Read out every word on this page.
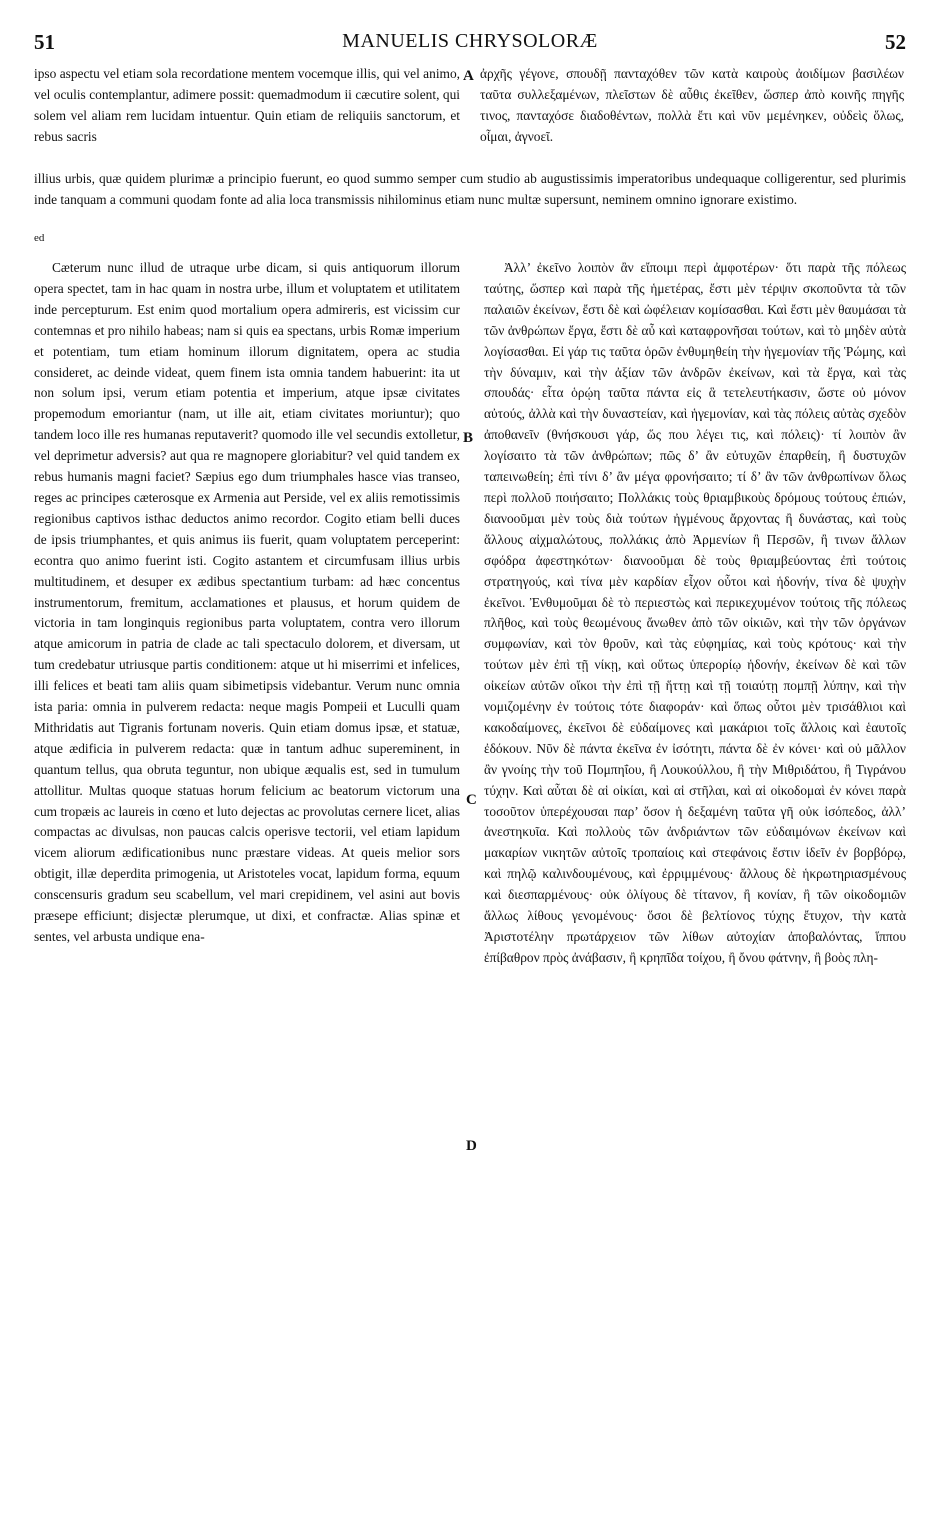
51	MANUELIS CHRYSOLORÆ	52

ipso aspectu vel etiam sola recordatione mentem vocemque illis, qui vel animo, vel oculis contemplantur, adimere possit: quemadmodum ii cæcutire solent, qui solem vel aliam rem lucidam intuentur. Quin etiam de reliquiis sanctorum, et rebus sacris

ἀρχῆς γέγονε, σπουδῇ πανταχόθεν τῶν κατὰ καιροὺς ἀοιδίμων βασιλέων ταῦτα συλλεξαμένων, πλεῖστων δὲ αὖθις ἐκεῖθεν, ὥσπερ ἀπὸ κοινῆς πηγῆς τινος, πανταχόσε διαδοθέντων, πολλὰ ἔτι καὶ νῦν μεμένηκεν, οὐδεὶς ὅλως, οἶμαι, ἀγνοεῖ.

illius urbis, quæ quidem plurimæ a principio fuerunt, eo quod summo semper cum studio ab augustissimis imperatoribus undequaque colligerentur, sed plurimis inde tanquam a communi quodam fonte ad alia loca transmissis nihilominus etiam nunc multæ supersunt, neminem omnino ignorare existimo.

ed

Cæterum nunc illud de utraque urbe dicam, si quis antiquorum illorum opera spectet, tam in hac quam in nostra urbe, illum et voluptatem et utilitatem inde percepturum. Est enim quod mortalium opera admireris, est vicissim cur contemnas et pro nihilo habeas; nam si quis ea spectans, urbis Romæ imperium et potentiam, tum etiam hominum illorum dignitatem, opera ac studia consideret, ac deinde videat, quem finem ista omnia tandem habuerint: ita ut non solum ipsi, verum etiam potentia et imperium, atque ipsæ civitates propemodum emoriantur (nam, ut ille ait, etiam civitates moriuntur); quo tandem loco ille res humanas reputaverit? quomodo ille vel secundis extolletur, vel deprimetur adversis? aut qua re magnopere gloriabitur? vel quid tandem ex rebus humanis magni faciet? Sæpius ego dum triumphales hasce vias transeo, reges ac principes cæterosque ex Armenia aut Perside, vel ex aliis remotissimis regionibus captivos isthac deductos animo recordor. Cogito etiam belli duces de ipsis triumphantes, et quis animus iis fuerit, quam voluptatem perceperint: econtra quo animo fuerint isti. Cogito astantem et circumfusam illius urbis multitudinem, et desuper ex ædibus spectantium turbam: ad hæc concentus instrumentorum, fremitum, acclamationes et plausus, et horum quidem de victoria in tam longinquis regionibus parta voluptatem, contra vero illorum atque amicorum in patria de clade ac tali spectaculo dolorem, et diversam, ut tum credebatur utriusque partis conditionem: atque ut hi miserrimi et infelices, illi felices et beati tam aliis quam sibimetipsis videbantur. Verum nunc omnia ista paria: omnia in pulverem redacta: neque magis Pompeii et Luculli quam Mithridatis aut Tigranis fortunam noveris. Quin etiam domus ipsæ, et statuæ, atque ædificia in pulverem redacta: quæ in tantum adhuc supereminent, in quantum tellus, qua obruta teguntur, non ubique æqualis est, sed in tumulum attollitur. Multas quoque statuas horum felicium ac beatorum victorum una cum tropæis ac laureis in cœno et luto dejectas ac provolutas cernere licet, alias compactas ac divulsas, non paucas calcis operisve tectorii, vel etiam lapidum vicem aliorum ædificationibus nunc præstare videas. At queis melior sors obtigit, illæ deperdita primogenia, ut Aristoteles vocat, lapidum forma, equum conscensuris gradum seu scabellum, vel mari crepidinem, vel asini aut bovis præsepe efficiunt; disjectæ plerumque, ut dixi, et confractæ. Alias spinæ et sentes, vel arbusta undique ena-

Ἀλλ’ ἐκεῖνο λοιπὸν ἂν εἴποιμι περὶ ἀμφοτέρων· ὅτι παρὰ τῆς πόλεως ταύτης, ὥσπερ καὶ παρὰ τῆς ἡμετέρας, ἔστι μὲν τέρψιν σκοποῦντα τὰ τῶν παλαιῶν ἐκείνων, ἔστι δὲ καὶ ὠφέλειαν κομίσασθαι. Καὶ ἔστι μὲν θαυμάσαι τὰ τῶν ἀνθρώπων ἔργα, ἔστι δὲ αὖ καὶ καταφρονῆσαι τούτων, καὶ τὸ μηδὲν αὐτὰ λογίσασθαι. Εἰ γάρ τις ταῦτα ὁρῶν ἐνθυμηθείη τὴν ἡγεμονίαν τῆς Ῥώμης, καὶ τὴν δύναμιν, καὶ τὴν ἀξίαν τῶν ἀνδρῶν ἐκείνων, καὶ τὰ ἔργα, καὶ τὰς σπουδάς· εἶτα ὁρῴη ταῦτα πάντα εἰς ἃ τετελευτήκασιν, ὥστε οὐ μόνον αὐτούς, ἀλλὰ καὶ τὴν δυναστείαν, καὶ ἡγεμονίαν, καὶ τὰς πόλεις αὐτὰς σχεδὸν ἀποθανεῖν (θνήσκουσι γάρ, ὥς που λέγει τις, καὶ πόλεις)· τί λοιπὸν ἂν λογίσαιτο τὰ τῶν ἀνθρώπων; πῶς δ’ ἂν εὐτυχῶν ἐπαρθείη, ἢ δυστυχῶν ταπεινωθείη; ἐπὶ τίνι δ’ ἂν μέγα φρονήσαιτο; τί δ’ ἂν τῶν ἀνθρωπίνων ὅλως περὶ πολλοῦ ποιήσαιτο; Πολλάκις τοὺς θριαμβικοὺς δρόμους τούτους ἐπιών, διανοοῦμαι μὲν τοὺς διὰ τούτων ἠγμένους ἄρχοντας ἢ δυνάστας, καὶ τοὺς ἄλλους αἰχμαλώτους, πολλάκις ἀπὸ Ἀρμενίων ἢ Περσῶν, ἢ τινων ἄλλων σφόδρα ἀφεστηκότων· διανοοῦμαι δὲ τοὺς θριαμβεύοντας ἐπὶ τούτοις στρατηγούς, καὶ τίνα μὲν καρδίαν εἶχον οὗτοι καὶ ἡδονήν, τίνα δὲ ψυχὴν ἐκεῖνοι. Ἐνθυμοῦμαι δὲ τὸ περιεστὼς καὶ περικεχυμένον τούτοις τῆς πόλεως πλῆθος, καὶ τοὺς θεωμένους ἄνωθεν ἀπὸ τῶν οἰκιῶν, καὶ τὴν τῶν ὀργάνων συμφωνίαν, καὶ τὸν θροῦν, καὶ τὰς εὐφημίας, καὶ τοὺς κρότους· καὶ τὴν τούτων μὲν ἐπὶ τῇ νίκῃ, καὶ οὕτως ὑπερορίῳ ἡδονήν, ἐκείνων δὲ καὶ τῶν οἰκείων αὐτῶν οἴκοι τὴν ἐπὶ τῇ ἥττῃ καὶ τῇ τοιαύτῃ πομπῇ λύπην, καὶ τὴν νομιζομένην ἐν τούτοις τότε διαφοράν· καὶ ὅπως οὗτοι μὲν τρισάθλιοι καὶ κακοδαίμονες, ἐκεῖνοι δὲ εὐδαίμονες καὶ μακάριοι τοῖς ἄλλοις καὶ ἑαυτοῖς ἐδόκουν. Νῦν δὲ πάντα ἐκεῖνα ἐν ἰσότητι, πάντα δὲ ἐν κόνει· καὶ οὐ μᾶλλον ἂν γνοίης τὴν τοῦ Πομπηΐου, ἢ Λουκούλλου, ἢ τὴν Μιθριδάτου, ἢ Τιγράνου τύχην. Καὶ αὗται δὲ αἱ οἰκίαι, καὶ αἱ στῆλαι, καὶ αἱ οἰκοδομαὶ ἐν κόνει παρὰ τοσοῦτον ὑπερέχουσαι παρ’ ὅσον ἡ δεξαμένη ταῦτα γῆ οὐκ ἰσόπεδος, ἀλλ’ ἀνεστηκυῖα. Καὶ πολλοὺς τῶν ἀνδριάντων τῶν εὐδαιμόνων ἐκείνων καὶ μακαρίων νικητῶν αὐτοῖς τροπαίοις καὶ στεφάνοις ἔστιν ἰδεῖν ἐν βορβόρῳ, καὶ πηλῷ καλινδουμένους, καὶ ἐρριμμένους· ἄλλους δὲ ἡκρωτηριασμένους καὶ διεσπαρμένους· οὐκ ὀλίγους δὲ τίτανον, ἢ κονίαν, ἢ τῶν οἰκοδομιῶν ἄλλως λίθους γενομένους· ὅσοι δὲ βελτίονος τύχης ἔτυχον, τὴν κατὰ Ἀριστοτέλην πρωτάρχειον τῶν λίθων αὐτοχίαν ἀποβαλόντας, ἵππου ἐπίβαθρον πρὸς ἀνάβασιν, ἢ κρηπῖδα τοίχου, ἢ ὄνου φάτνην, ἢ βοὸς πλη-

A
B
C
D
